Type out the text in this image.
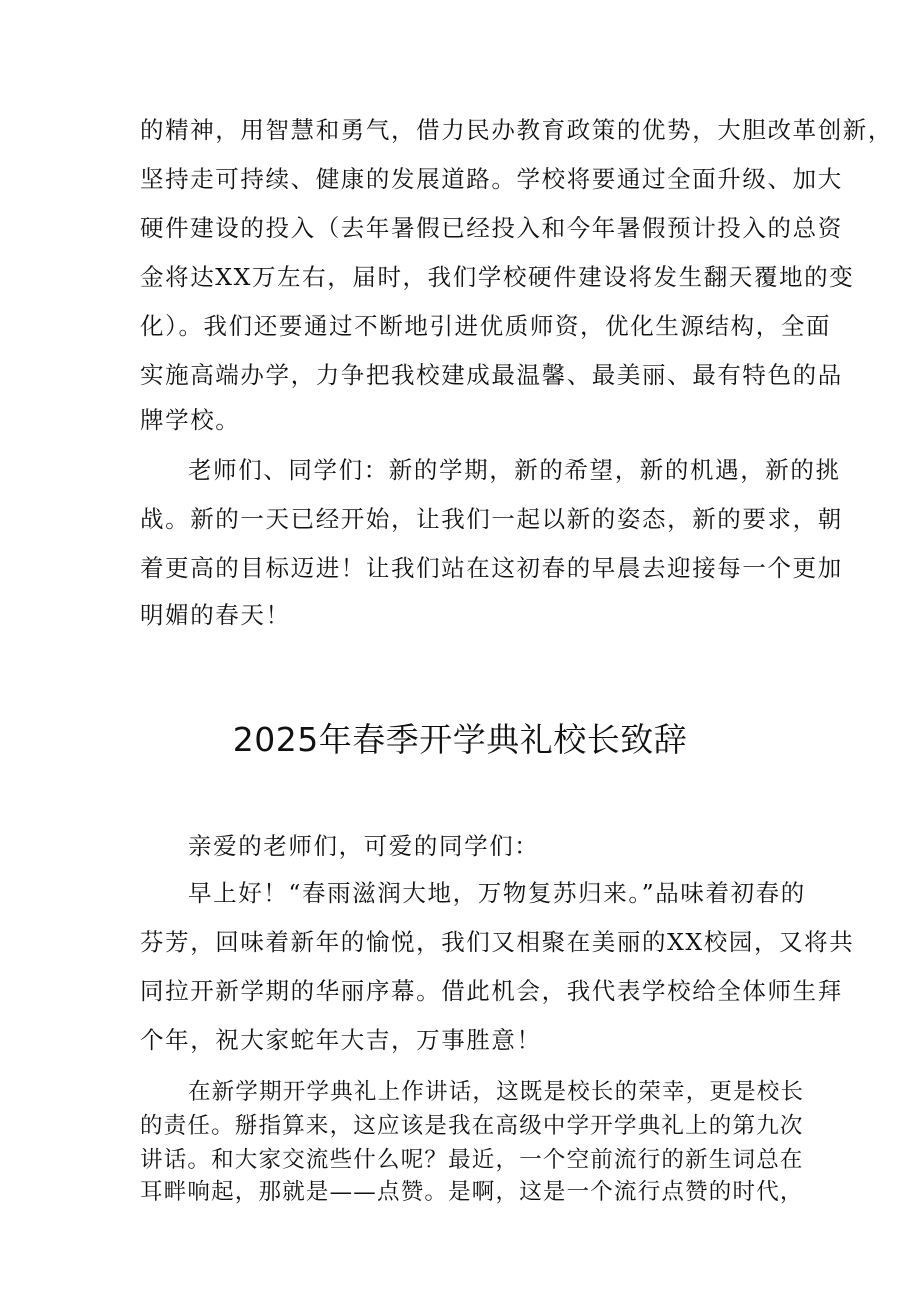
的精神，用智慧和勇气，借力民办教育政策的优势，大胆改革创新，
坚持走可持续、健康的发展道路。学校将要通过全面升级、加大
硬件建设的投入（去年暑假已经投入和今年暑假预计投入的总资
金将达XX万左右，届时，我们学校硬件建设将发生翻天覆地的变
化）。我们还要通过不断地引进优质师资，优化生源结构，全面
实施高端办学，力争把我校建成最温馨、最美丽、最有特色的品
牌学校。
老师们、同学们：新的学期，新的希望，新的机遇，新的挑
战。新的一天已经开始，让我们一起以新的姿态，新的要求，朝
着更高的目标迈进！让我们站在这初春的早晨去迎接每一个更加
明媚的春天！
2025年春季开学典礼校长致辞
亲爱的老师们，可爱的同学们：
早上好！“春雨滋润大地，万物复苏归来。”品味着初春的
芬芳，回味着新年的愉悦，我们又相聚在美丽的XX校园，又将共
同拉开新学期的华丽序幕。借此机会，我代表学校给全体师生拜
个年，祝大家蛇年大吉，万事胜意！
在新学期开学典礼上作讲话，这既是校长的荣幸，更是校长
的责任。掰指算来，这应该是我在高级中学开学典礼上的第九次
讲话。和大家交流些什么呢？最近，一个空前流行的新生词总在
耳畔响起，那就是——点赞。是啊，这是一个流行点赞的时代，
